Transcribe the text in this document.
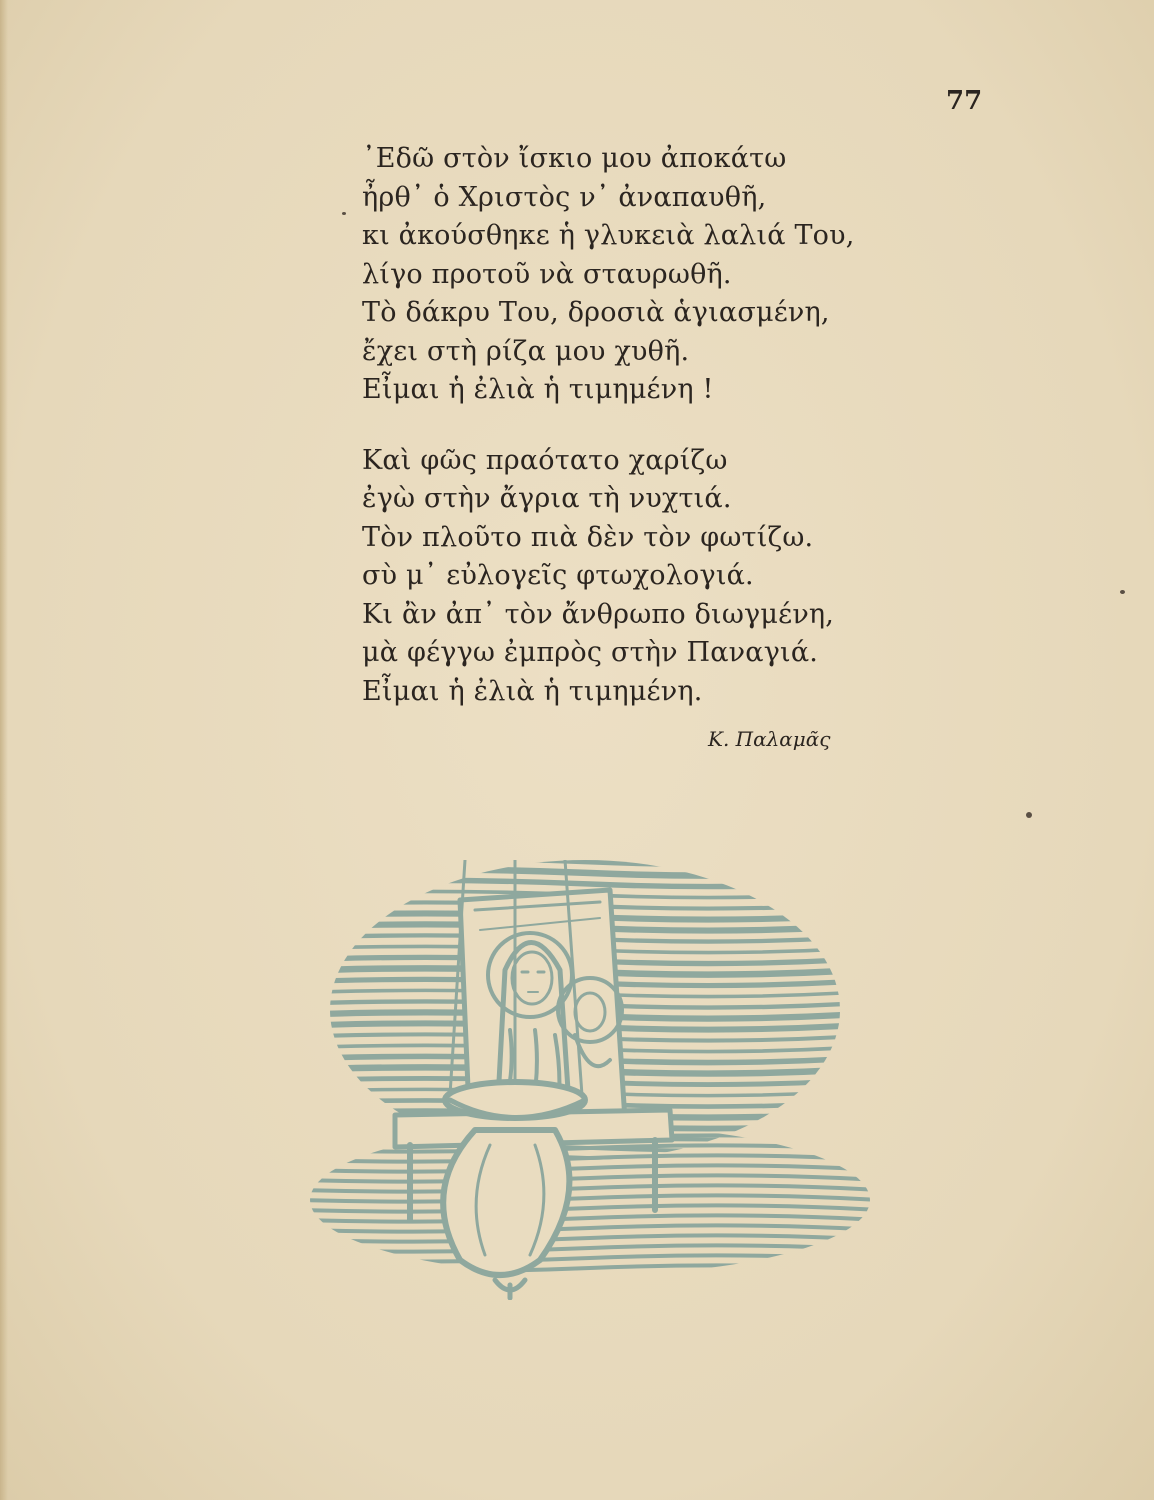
77
᾿Εδῶ στὸν ἴσκιο μου ἀποκάτω
ἦρθ᾿ ὁ Χριστὸς ν᾿ ἀναπαυθῆ,
κι ἀκούσθηκε ἡ γλυκειὰ λαλιά Του,
λίγο προτοῦ νὰ σταυρωθῆ.
Τὸ δάκρυ Του, δροσιὰ ἁγιασμένη,
ἔχει στὴ ρίζα μου χυθῆ.
Εἶμαι ἡ ἐλιὰ ἡ τιμημένη !
Καὶ φῶς πραότατο χαρίζω
ἐγὼ στὴν ἄγρια τὴ νυχτιά.
Τὸν πλοῦτο πιὰ δὲν τὸν φωτίζω.
σὺ μ᾿ εὐλογεῖς φτωχολογιά.
Κι ἂν ἀπ᾿ τὸν ἄνθρωπο διωγμένη,
μὰ φέγγω ἐμπρὸς στὴν Παναγιά.
Εἶμαι ἡ ἐλιὰ ἡ τιμημένη.
Κ. Παλαμᾶς
